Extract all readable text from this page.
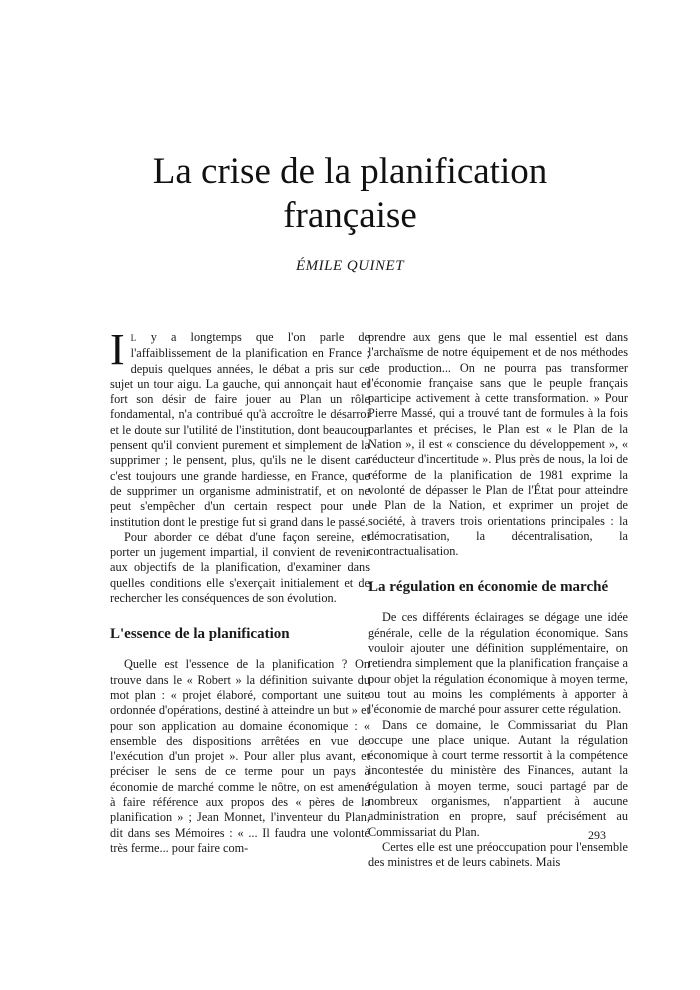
La crise de la planification
française
ÉMILE QUINET

I L y a longtemps que l'on parle de l'affaiblissement de la planification en France ; depuis quelques années, le débat a pris sur ce sujet un tour aigu. La gauche, qui annonçait haut et fort son désir de faire jouer au Plan un rôle fondamental, n'a contribué qu'à accroître le désarroi et le doute sur l'utilité de l'institution, dont beaucoup pensent qu'il convient purement et simplement de la supprimer ; le pensent, plus, qu'ils ne le disent car c'est toujours une grande hardiesse, en France, que de supprimer un organisme administratif, et on ne peut s'empêcher d'un certain respect pour une institution dont le prestige fut si grand dans le passé.

Pour aborder ce débat d'une façon sereine, et porter un jugement impartial, il convient de revenir aux objectifs de la planification, d'examiner dans quelles conditions elle s'exerçait initialement et de rechercher les conséquences de son évolution.

L'essence de la planification

Quelle est l'essence de la planification ? On trouve dans le « Robert » la définition suivante du mot plan : « projet élaboré, comportant une suite ordonnée d'opérations, destiné à atteindre un but » et pour son application au domaine économique : « ensemble des dispositions arrêtées en vue de l'exécution d'un projet ». Pour aller plus avant, et préciser le sens de ce terme pour un pays à économie de marché comme le nôtre, on est amené à faire référence aux propos des « pères de la planification » ; Jean Monnet, l'inventeur du Plan, dit dans ses Mémoires : « ... Il faudra une volonté très ferme... pour faire com-

prendre aux gens que le mal essentiel est dans l'archaïsme de notre équipement et de nos méthodes de production... On ne pourra pas transformer l'économie française sans que le peuple français participe activement à cette transformation. » Pour Pierre Massé, qui a trouvé tant de formules à la fois parlantes et précises, le Plan est « le Plan de la Nation », il est « conscience du développement », « réducteur d'incertitude ». Plus près de nous, la loi de réforme de la planification de 1981 exprime la volonté de dépasser le Plan de l'État pour atteindre le Plan de la Nation, et exprimer un projet de société, à travers trois orientations principales : la démocratisation, la décentralisation, la contractualisation.

La régulation en économie de marché

De ces différents éclairages se dégage une idée générale, celle de la régulation économique. Sans vouloir ajouter une définition supplémentaire, on retiendra simplement que la planification française a pour objet la régulation économique à moyen terme, ou tout au moins les compléments à apporter à l'économie de marché pour assurer cette régulation.

Dans ce domaine, le Commissariat du Plan occupe une place unique. Autant la régulation économique à court terme ressortit à la compétence incontestée du ministère des Finances, autant la régulation à moyen terme, souci partagé par de nombreux organismes, n'appartient à aucune administration en propre, sauf précisément au Commissariat du Plan.

Certes elle est une préoccupation pour l'ensemble des ministres et de leurs cabinets. Mais

293
